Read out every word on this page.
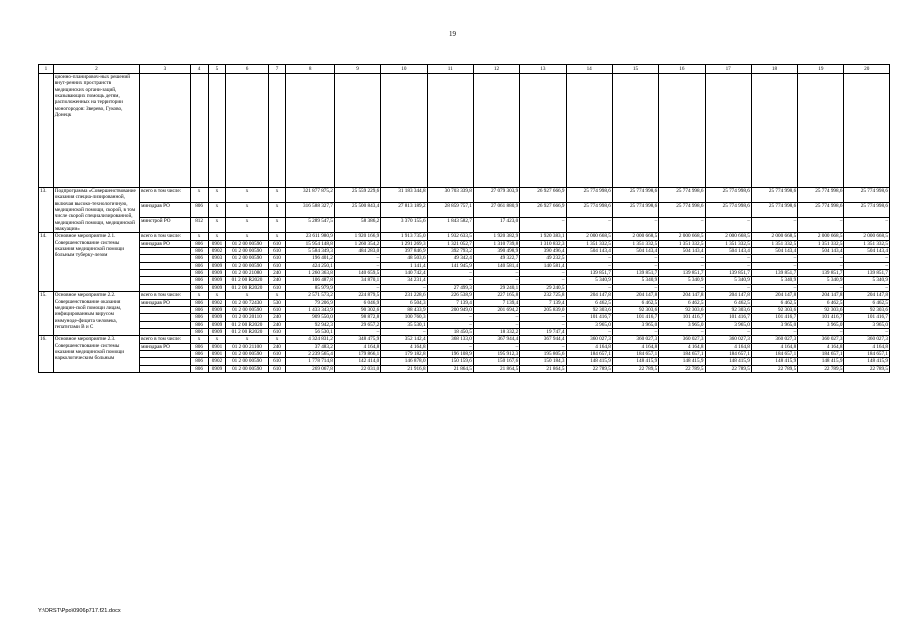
19
1	2	3	4	5	6	7	8	9	10	11	12	13	14	15	16	17	18	19	20
	ционно-планировоч-ных решений внут-ренних пространств медицинских органи-заций, оказывающих помощь детям, расположенных на территории моногородов: Зверево, Гуково, Донецк																		
13.	Подпрограмма «Совершенствование оказания специа-лизированной, включая высоко-технологичную, медицинской помощи, скорой, в том числе скорой специализированной, медицинской помощи, медицинской эвакуации»	всего в том числе:	x	x	x	x	321 877 875,2	25 559 229,6	31 183 344,8	30 703 339,8	27 079 303,9	26 927 666,9	25 774 998,6	25 774 998,6	25 774 998,6	25 774 998,6	25 774 998,6	25 774 998,6	25 774 998,6
		минздрав РО	806	x	x	x	316 588 327,7	25 500 843,4	27 813 189,2	28 859 757,1	27 061 880,9	26 927 666,9	25 774 998,6	25 774 998,6	25 774 998,6	25 774 998,6	25 774 998,6	25 774 998,6	25 774 998,6
		минстрой РО	812	x	x	x	5 289 547,5	58 386,2	3 370 155,6	1 843 582,7	17 423,0	–	–	–	–	–	–	–	–
14.	Основное мероприятие 2.1. Совершенствование системы оказания медицинской помощи больным туберку-лезом	всего в том числе:	x	x	x	x	23 611 980,9	1 920 166,9	1 913 735,0	1 932 633,5	1 920 382,9	1 920 383,1	2 000 668,5	2 000 668,5	2 000 668,5	2 000 668,5	2 000 668,5	2 000 668,5	2 000 668,5
		минздрав РО	806	0901	01 2 00 00590	610	15 954 148,8	1 260 354,2	1 291 269,3	1 321 052,7	1 310 739,8	1 310 832,3	1 351 332,5	1 351 332,5	1 351 332,5	1 351 332,5	1 351 332,5	1 351 332,5	1 351 332,5
			806	0902	01 2 00 00590	610	5 584 349,3	484 283,0	397 846,9	392 793,2	390 498,9	390 496,4	504 143,4	504 143,4	504 143,4	504 143,4	504 143,4	504 143,4	504 143,4
			806	0903	01 2 00 00590	610	196 401,2	–	48 503,6	49 342,4	49 322,7	49 232,5	–	–	–	–	–	–	–
			806	0909	01 2 00 00590	610	424 250,1	–	1 141,4	141 945,9	140 581,4	140 581,4	–	–	–	–	–	–	–
			806	0909	01 2 00 21080	240	1 260 363,8	140 659,5	140 742,4	–	–	–	139 851,7	139 851,7	139 851,7	139 851,7	139 851,7	139 851,7	139 851,7
			806	0909	01 2 00 R2020	240	106 487,8	34 870,1	34 231,4	–	–	–	5 340,9	5 340,9	5 340,9	5 340,9	5 340,9	5 340,9	5 340,9
			806	0909	01 2 00 R2020	610	85 979,9	–	–	27 499,3	29 240,1	29 240,5	–	–	–	–	–	–	–
15.	Основное мероприятие 2.2. Совершенствование оказания медицин-ской помощи лицам, инфицированным вирусом иммунодe-фицита человека, гепатитами B и C	всего в том числе:	x	x	x	x	2 571 573,2	224 879,5	231 228,6	226 538,9	227 165,8	232 725,8	204 147,8	204 147,8	204 147,8	204 147,8	204 147,8	204 147,8	204 147,8
		минздрав РО	806	0902	01 2 00 72430	530	79 206,9	6 046,9	6 504,3	7 139,4	7 139,4	7 139,4	6 462,5	6 462,5	6 462,5	6 462,5	6 462,5	6 462,5	6 462,5
			806	0909	01 2 00 00590	610	1 433 343,9	90 302,6	88 433,9	200 949,0	201 694,2	205 839,0	92 303,6	92 303,6	92 303,6	92 303,6	92 303,6	92 303,6	92 303,6
			806	0909	01 2 00 20110	240	909 550,0	98 872,8	100 760,3	–	–	–	101 416,7	101 416,7	101 416,7	101 416,7	101 416,7	101 416,7	101 416,7
			806	0909	01 2 00 R2020	240	92 942,3	29 657,2	35 530,1	–	–	–	3 965,0	3 965,0	3 965,0	3 965,0	3 965,0	3 965,0	3 965,0
			806	0909	01 2 00 R2020	610	56 530,1	–	–	18 450,5	18 332,2	19 747,4	–	–	–	–	–	–	–
16.	Основное мероприятие 2.3. Совершенствование системы оказания медицинской помощи наркологическим больным	всего в том числе:	x	x	x	x	4 324 831,2	348 475,9	352 142,4	368 133,0	367 944,4	367 944,4	360 027,3	360 027,3	360 027,3	360 027,3	360 027,3	360 027,3	360 027,3
		минздрав РО	806	0901	01 2 00 21100	240	37 483,2	4 164,8	4 164,8	–	–	–	4 164,8	4 164,8	4 164,8	4 164,8	4 164,8	4 164,8	4 164,8
			806	0901	01 2 00 00590	610	2 239 565,4	179 866,1	179 182,8	196 108,9	195 912,3	195 805,6	184 657,1	184 657,1	184 657,1	184 657,1	184 657,1	184 657,1	184 657,1
			806	0902	01 2 00 00590	610	1 778 714,8	142 414,0	146 878,0	150 159,6	150 167,6	150 184,3	148 415,9	148 415,9	148 415,9	148 415,9	148 415,9	148 415,9	148 415,9
			806	0909	01 2 00 00590	610	269 067,8	22 031,0	21 916,8	21 864,5	21 864,5	21 864,5	22 789,5	22 789,5	22 789,5	22 789,5	22 789,5	22 789,5	22 789,5
Y:\ORST\Ppo\0906p717.f21.docx
